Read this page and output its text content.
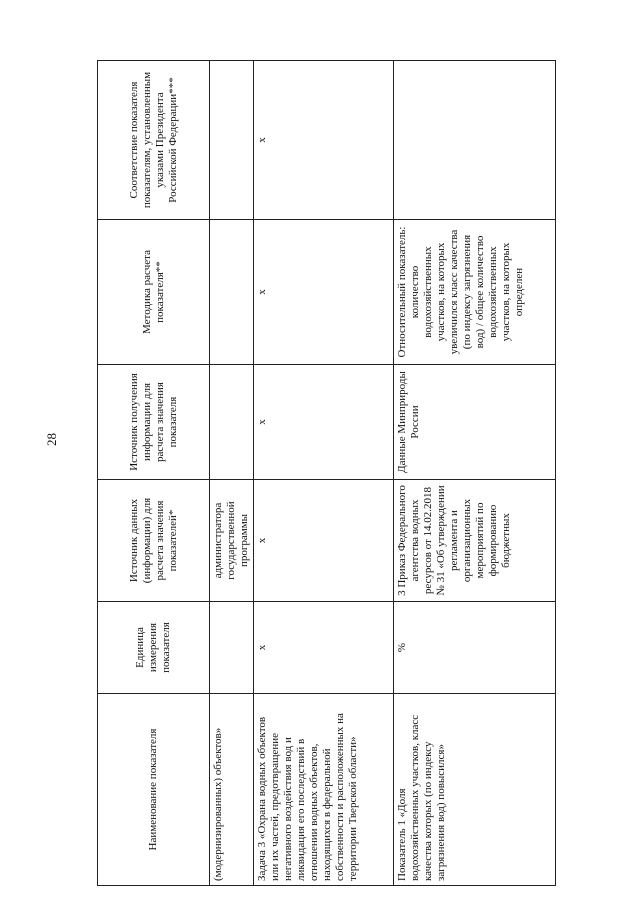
28
Наименование показателя	Единица измерения показателя	Источник данных (информации) для расчета значения показателей*	Источник получения информации для расчета значения показателя	Методика расчета показателя**	Соответствие показателя показателям, установленным указами Президента Российской Федерации***
(модернизированных) объектов»		администратора государственной программы			
Задача 3 «Охрана водных объектов или их частей, предотвращение негативного воздействия вод и ликвидация его последствий в отношении водных объектов, находящихся в федеральной собственности и расположенных на территории Тверской области»	х	х	х	х	х
Показатель 1 «Доля водохозяйственных участков, класс качества которых (по индексу загрязнения вод) повысился»	%	3 Приказ Федерального агентства водных ресурсов от 14.02.2018 № 31 «Об утверждении регламента и организационных мероприятий по формированию бюджетных	Данные Минприроды России	Относительный показатель: количество водохозяйственных участков, на которых увеличился класс качества (по индексу загрязнения вод) / общее количество водохозяйственных участков, на которых определен	
